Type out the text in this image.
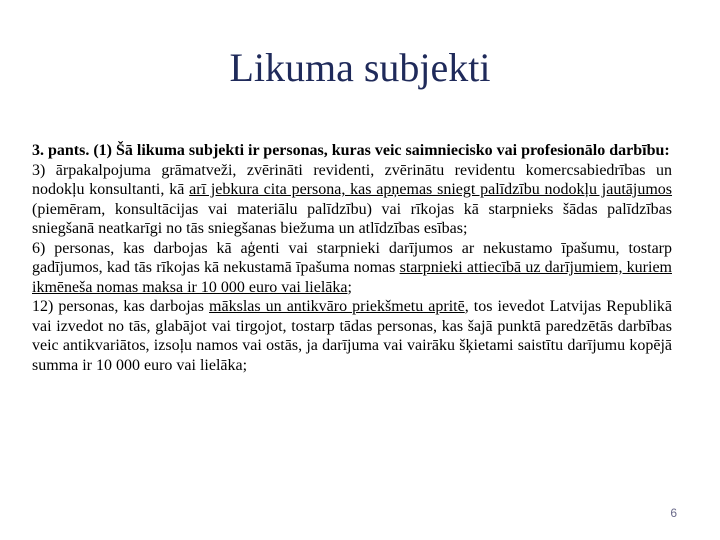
Likuma subjekti

3. pants. (1) Šā likuma subjekti ir personas, kuras veic saimniecisko vai profesionālo darbību:

3) ārpakalpojuma grāmatveži, zvērināti revidenti, zvērinātu revidentu komercsabiedrības un nodokļu konsultanti, kā arī jebkura cita persona, kas apņemas sniegt palīdzību nodokļu jautājumos (piemēram, konsultācijas vai materiālu palīdzību) vai rīkojas kā starpnieks šādas palīdzības sniegšanā neatkarīgi no tās sniegšanas biežuma un atlīdzības esības;

6) personas, kas darbojas kā aģenti vai starpnieki darījumos ar nekustamo īpašumu, tostarp gadījumos, kad tās rīkojas kā nekustamā īpašuma nomas starpnieki attiecībā uz darījumiem, kuriem ikmēneša nomas maksa ir 10 000 euro vai lielāka;

12) personas, kas darbojas mākslas un antikvāro priekšmetu apritē, tos ievedot Latvijas Republikā vai izvedot no tās, glabājot vai tirgojot, tostarp tādas personas, kas šajā punktā paredzētās darbības veic antikvariātos, izsoļu namos vai ostās, ja darījuma vai vairāku šķietami saistītu darījumu kopējā summa ir 10 000 euro vai lielāka;

6
